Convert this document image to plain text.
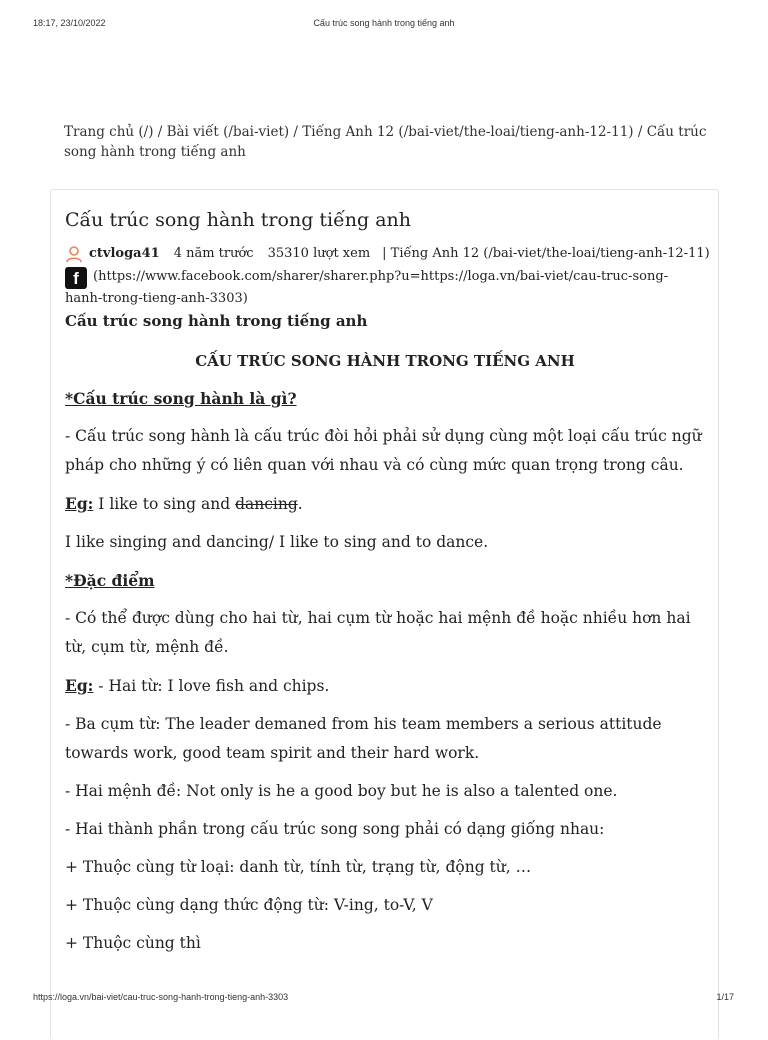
18:17, 23/10/2022	Cấu trúc song hành trong tiếng anh
Trang chủ (/) / Bài viết (/bai-viet) / Tiếng Anh 12 (/bai-viet/the-loai/tieng-anh-12-11) / Cấu trúc song hành trong tiếng anh
Cấu trúc song hành trong tiếng anh
ctvloga41 4 năm trước 35310 lượt xem | Tiếng Anh 12 (/bai-viet/the-loai/tieng-anh-12-11)
f (https://www.facebook.com/sharer/sharer.php?u=https://loga.vn/bai-viet/cau-truc-song-hanh-trong-tieng-anh-3303)
Cấu trúc song hành trong tiếng anh
CẤU TRÚC SONG HÀNH TRONG TIẾNG ANH

*Cấu trúc song hành là gì?

- Cấu trúc song hành là cấu trúc đòi hỏi phải sử dụng cùng một loại cấu trúc ngữ pháp cho những ý có liên quan với nhau và có cùng mức quan trọng trong câu.

Eg: I like to sing and dancing.

I like singing and dancing/ I like to sing and to dance.

*Đặc điểm

- Có thể được dùng cho hai từ, hai cụm từ hoặc hai mệnh đề hoặc nhiều hơn hai từ, cụm từ, mệnh đề.

Eg: - Hai từ: I love fish and chips.

- Ba cụm từ: The leader demaned from his team members a serious attitude towards work, good team spirit and their hard work.

- Hai mệnh đề: Not only is he a good boy but he is also a talented one.

- Hai thành phần trong cấu trúc song song phải có dạng giống nhau:

+ Thuộc cùng từ loại: danh từ, tính từ, trạng từ, động từ, …

+ Thuộc cùng dạng thức động từ: V-ing, to-V, V

+ Thuộc cùng thì

https://loga.vn/bai-viet/cau-truc-song-hanh-trong-tieng-anh-3303	1/17
